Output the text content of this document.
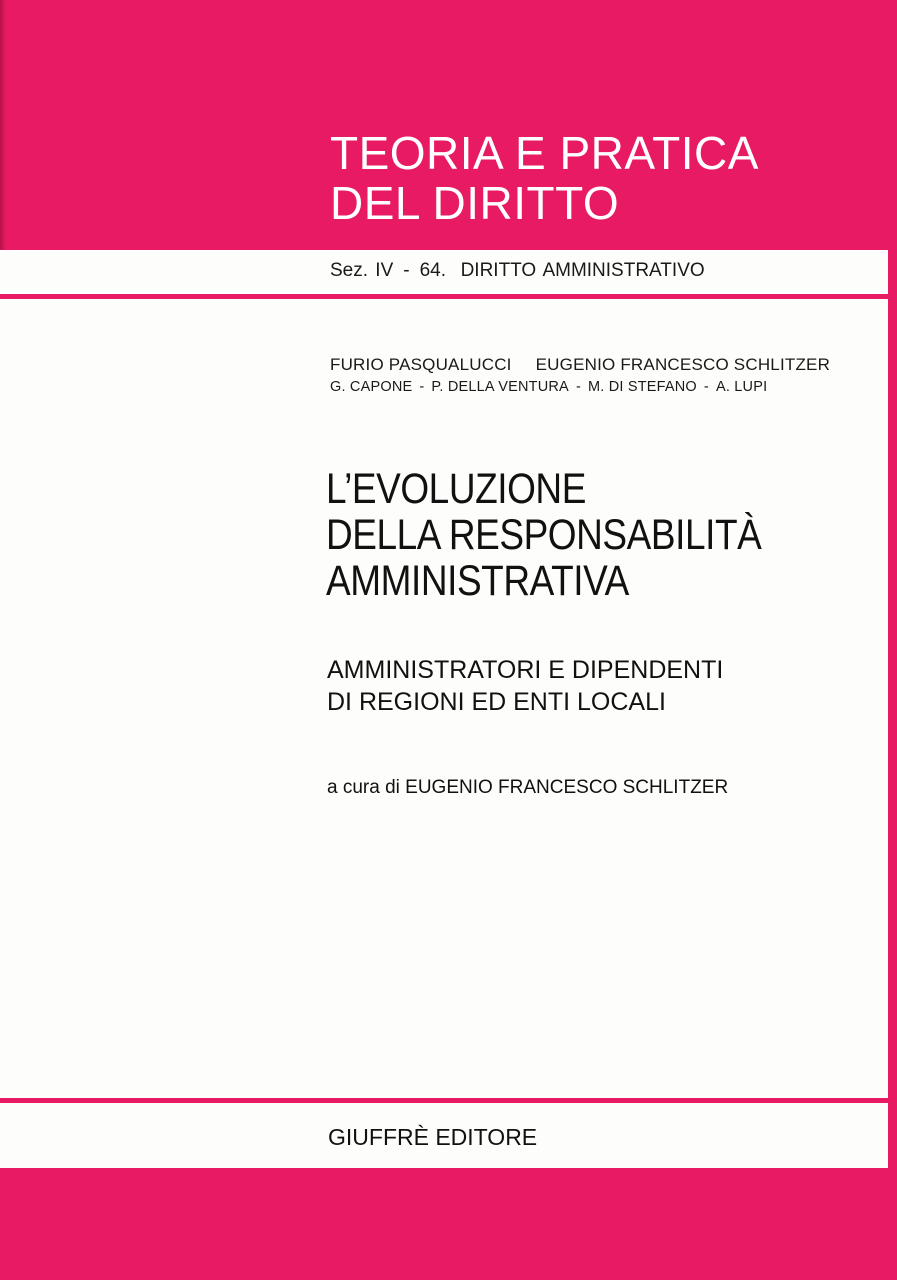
TEORIA E PRATICA
DEL DIRITTO
Sez. IV - 64. DIRITTO AMMINISTRATIVO
FURIO PASQUALUCCI EUGENIO FRANCESCO SCHLITZER
G. CAPONE - P. DELLA VENTURA - M. DI STEFANO - A. LUPI
L’EVOLUZIONE
DELLA RESPONSABILITÀ
AMMINISTRATIVA
AMMINISTRATORI E DIPENDENTI
DI REGIONI ED ENTI LOCALI
a cura di EUGENIO FRANCESCO SCHLITZER
GIUFFRÈ EDITORE
